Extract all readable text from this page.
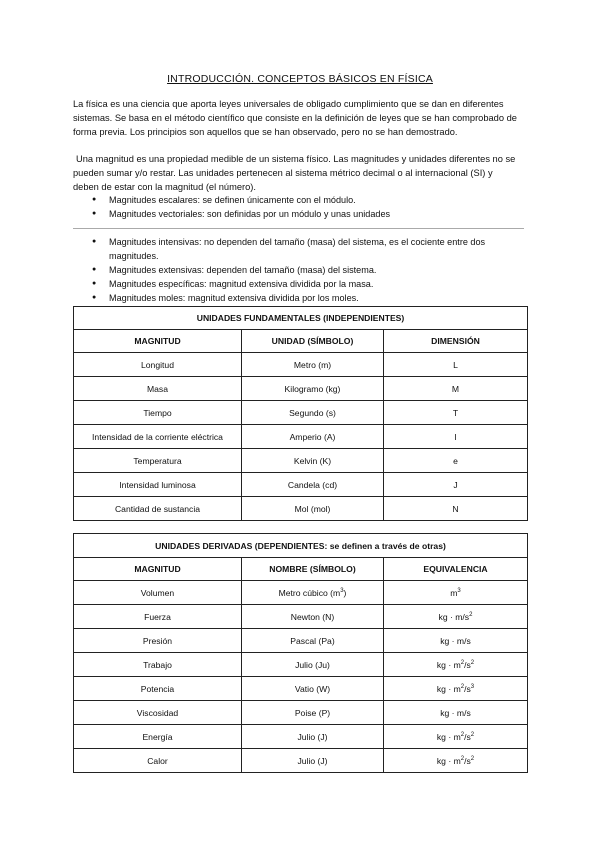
INTRODUCCIÓN. CONCEPTOS BÁSICOS EN FÍSICA

La física es una ciencia que aporta leyes universales de obligado cumplimiento que se dan en diferentes sistemas. Se basa en el método científico que consiste en la definición de leyes que se han comprobado de forma previa. Los principios son aquellos que se han observado, pero no se han demostrado.

Una magnitud es una propiedad medible de un sistema físico. Las magnitudes y unidades diferentes no se pueden sumar y/o restar. Las unidades pertenecen al sistema métrico decimal o al internacional (SI) y deben de estar con la magnitud (el número).

● Magnitudes escalares: se definen únicamente con el módulo.
● Magnitudes vectoriales: son definidas por un módulo y unas unidades
● Magnitudes intensivas: no dependen del tamaño (masa) del sistema, es el cociente entre dos magnitudes.
● Magnitudes extensivas: dependen del tamaño (masa) del sistema.
● Magnitudes específicas: magnitud extensiva dividida por la masa.
● Magnitudes moles: magnitud extensiva dividida por los moles.
UNIDADES FUNDAMENTALES (INDEPENDIENTES)		
MAGNITUD	UNIDAD (SÍMBOLO)	DIMENSIÓN
Longitud	Metro (m)	L
Masa	Kilogramo (kg)	M
Tiempo	Segundo (s)	T
Intensidad de la corriente eléctrica	Amperio (A)	I
Temperatura	Kelvin (K)	e
Intensidad luminosa	Candela (cd)	J
Cantidad de sustancia	Mol (mol)	N
UNIDADES DERIVADAS (DEPENDIENTES: se definen a través de otras)		
MAGNITUD	NOMBRE (SÍMBOLO)	EQUIVALENCIA
Volumen	Metro cúbico $(m^3)$	$m^3$
Fuerza	Newton (N)	kg · $m/s^2$
Presión	Pascal (Pa)	kg · m/s
Trabajo	Julio (Ju)	kg · $m^2/s^2$
Potencia	Vatio (W)	kg · $m^2/s^3$
Viscosidad	Poise (P)	kg · m/s
Energía	Julio (J)	kg · $m^2/s^2$
Calor	Julio (J)	kg · $m^2/s^2$
